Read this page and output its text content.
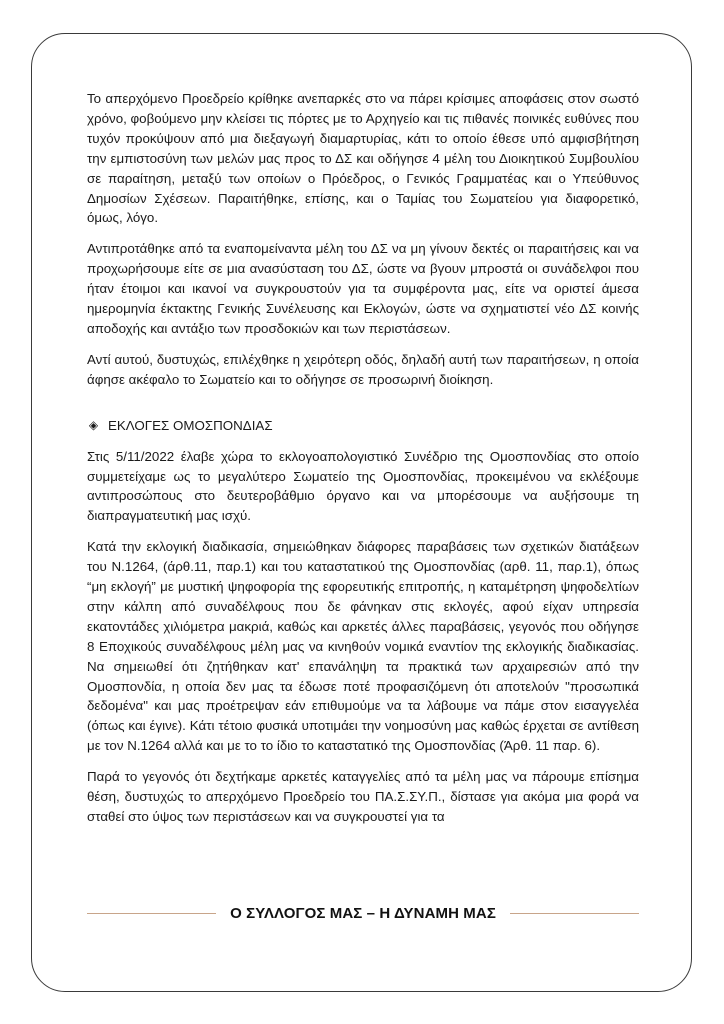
Το απερχόμενο Προεδρείο κρίθηκε ανεπαρκές στο να πάρει κρίσιμες αποφάσεις στον σωστό χρόνο, φοβούμενο μην κλείσει τις πόρτες με το Αρχηγείο και τις πιθανές ποινικές ευθύνες που τυχόν προκύψουν από μια διεξαγωγή διαμαρτυρίας, κάτι το οποίο έθεσε υπό αμφισβήτηση την εμπιστοσύνη των μελών μας προς το ΔΣ και οδήγησε 4 μέλη του Διοικητικού Συμβουλίου σε παραίτηση, μεταξύ των οποίων ο Πρόεδρος, ο Γενικός Γραμματέας και ο Υπεύθυνος Δημοσίων Σχέσεων. Παραιτήθηκε, επίσης, και ο Ταμίας του Σωματείου για διαφορετικό, όμως, λόγο.

Αντιπροτάθηκε από τα εναπομείναντα μέλη του ΔΣ να μη γίνουν δεκτές οι παραιτήσεις και να προχωρήσουμε είτε σε μια ανασύσταση του ΔΣ, ώστε να βγουν μπροστά οι συνάδελφοι που ήταν έτοιμοι και ικανοί να συγκρουστούν για τα συμφέροντα μας, είτε να οριστεί άμεσα ημερομηνία έκτακτης Γενικής Συνέλευσης και Εκλογών, ώστε να σχηματιστεί νέο ΔΣ κοινής αποδοχής και αντάξιο των προσδοκιών και των περιστάσεων.

Αντί αυτού, δυστυχώς, επιλέχθηκε η χειρότερη οδός, δηλαδή αυτή των παραιτήσεων, η οποία άφησε ακέφαλο το Σωματείο και το οδήγησε σε προσωρινή διοίκηση.

◈ ΕΚΛΟΓΕΣ ΟΜΟΣΠΟΝΔΙΑΣ

Στις 5/11/2022 έλαβε χώρα το εκλογοαπολογιστικό Συνέδριο της Ομοσπονδίας στο οποίο συμμετείχαμε ως το μεγαλύτερο Σωματείο της Ομοσπονδίας, προκειμένου να εκλέξουμε αντιπροσώπους στο δευτεροβάθμιο όργανο και να μπορέσουμε να αυξήσουμε τη διαπραγματευτική μας ισχύ.

Κατά την εκλογική διαδικασία, σημειώθηκαν διάφορες παραβάσεις των σχετικών διατάξεων του Ν.1264, (άρθ.11, παρ.1) και του καταστατικού της Ομοσπονδίας (αρθ. 11, παρ.1), όπως “μη εκλογή” με μυστική ψηφοφορία της εφορευτικής επιτροπής, η καταμέτρηση ψηφοδελτίων στην κάλπη από συναδέλφους που δε φάνηκαν στις εκλογές, αφού είχαν υπηρεσία εκατοντάδες χιλιόμετρα μακριά, καθώς και αρκετές άλλες παραβάσεις, γεγονός που οδήγησε 8 Εποχικούς συναδέλφους μέλη μας να κινηθούν νομικά εναντίον της εκλογικής διαδικασίας. Να σημειωθεί ότι ζητήθηκαν κατ' επανάληψη τα πρακτικά των αρχαιρεσιών από την Ομοσπονδία, η οποία δεν μας τα έδωσε ποτέ προφασιζόμενη ότι αποτελούν "προσωπικά δεδομένα" και μας προέτρεψαν εάν επιθυμούμε να τα λάβουμε να πάμε στον εισαγγελέα (όπως και έγινε). Κάτι τέτοιο φυσικά υποτιμάει την νοημοσύνη μας καθώς έρχεται σε αντίθεση με τον Ν.1264 αλλά και με το το ίδιο το καταστατικό της Ομοσπονδίας (Άρθ. 11 παρ. 6).

Παρά το γεγονός ότι δεχτήκαμε αρκετές καταγγελίες από τα μέλη μας να πάρουμε επίσημα θέση, δυστυχώς το απερχόμενο Προεδρείο του ΠΑ.Σ.ΣΥ.Π., δίστασε για ακόμα μια φορά να σταθεί στο ύψος των περιστάσεων και να συγκρουστεί για τα

Ο ΣΥΛΛΟΓΟΣ ΜΑΣ – Η ΔΥΝΑΜΗ ΜΑΣ
